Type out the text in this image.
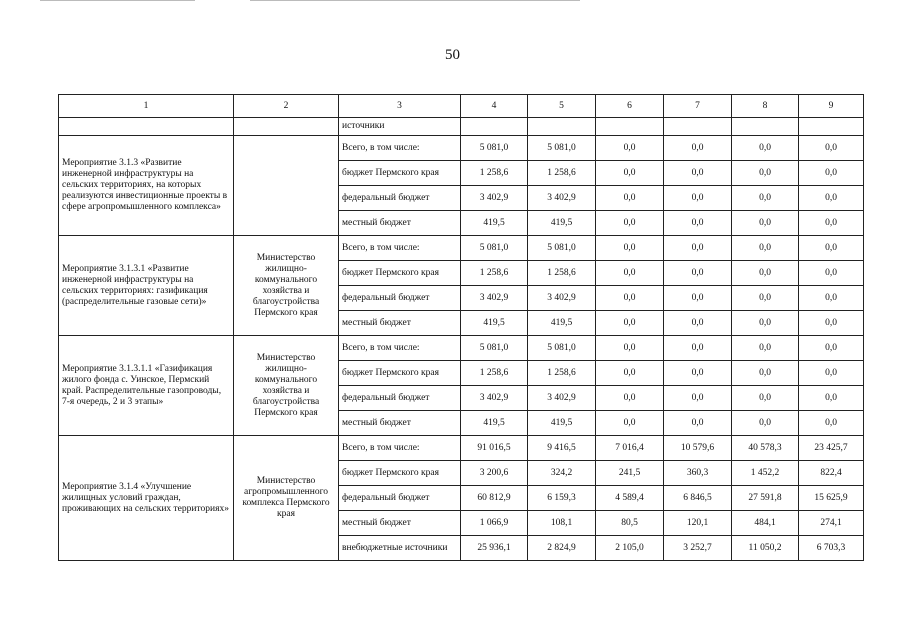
50
1	2	3	4	5	6	7	8	9
		источники						
Мероприятие 3.1.3 «Развитие инженерной инфраструктуры на сельских территориях, на которых реализуются инвестиционные проекты в сфере агропромышленного комплекса»		Всего, в том числе:	5 081,0	5 081,0	0,0	0,0	0,0	0,0
		бюджет Пермского края	1 258,6	1 258,6	0,0	0,0	0,0	0,0
		федеральный бюджет	3 402,9	3 402,9	0,0	0,0	0,0	0,0
		местный бюджет	419,5	419,5	0,0	0,0	0,0	0,0
Мероприятие 3.1.3.1 «Развитие инженерной инфраструктуры на сельских территориях: газификация (распределительные газовые сети)»	Министерство жилищно-коммунального хозяйства и благоустройства Пермского края	Всего, в том числе:	5 081,0	5 081,0	0,0	0,0	0,0	0,0
		бюджет Пермского края	1 258,6	1 258,6	0,0	0,0	0,0	0,0
		федеральный бюджет	3 402,9	3 402,9	0,0	0,0	0,0	0,0
		местный бюджет	419,5	419,5	0,0	0,0	0,0	0,0
Мероприятие 3.1.3.1.1 «Газификация жилого фонда с. Уинское, Пермский край. Распределительные газопроводы, 7-я очередь, 2 и 3 этапы»	Министерство жилищно-коммунального хозяйства и благоустройства Пермского края	Всего, в том числе:	5 081,0	5 081,0	0,0	0,0	0,0	0,0
		бюджет Пермского края	1 258,6	1 258,6	0,0	0,0	0,0	0,0
		федеральный бюджет	3 402,9	3 402,9	0,0	0,0	0,0	0,0
		местный бюджет	419,5	419,5	0,0	0,0	0,0	0,0
Мероприятие 3.1.4 «Улучшение жилищных условий граждан, проживающих на сельских территориях»	Министерство агропромышленного комплекса Пермского края	Всего, в том числе:	91 016,5	9 416,5	7 016,4	10 579,6	40 578,3	23 425,7
		бюджет Пермского края	3 200,6	324,2	241,5	360,3	1 452,2	822,4
		федеральный бюджет	60 812,9	6 159,3	4 589,4	6 846,5	27 591,8	15 625,9
		местный бюджет	1 066,9	108,1	80,5	120,1	484,1	274,1
		внебюджетные источники	25 936,1	2 824,9	2 105,0	3 252,7	11 050,2	6 703,3
